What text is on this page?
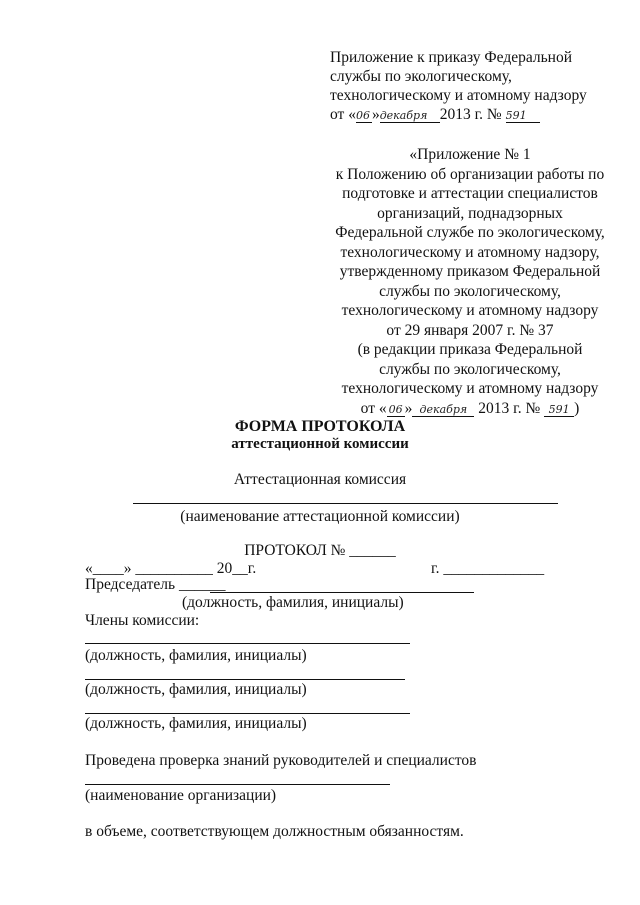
Приложение к приказу Федеральной
службы по экологическому,
технологическому и атомному надзору
от «06 »декабря 2013 г. № 591
«Приложение № 1
к Положению об организации работы по
подготовке и аттестации специалистов
организаций, поднадзорных
Федеральной службе по экологическому,
технологическому и атомному надзору,
утвержденному приказом Федеральной
службы по экологическому,
технологическому и атомному надзору
от 29 января 2007 г. № 37
(в редакции приказа Федеральной
службы по экологическому,
технологическому и атомному надзору
от « 06 » декабря 2013 г. № 591 )
ФОРМА ПРОТОКОЛА
аттестационной комиссии
Аттестационная комиссия
(наименование аттестационной комиссии)
ПРОТОКОЛ № ______
«____» __________ 20__г.	г. _____________
Председатель ______
(должность, фамилия, инициалы)
Члены комиссии:
(должность, фамилия, инициалы)
(должность, фамилия, инициалы)
(должность, фамилия, инициалы)
Проведена проверка знаний руководителей и специалистов
(наименование организации)
в объеме, соответствующем должностным обязанностям.
